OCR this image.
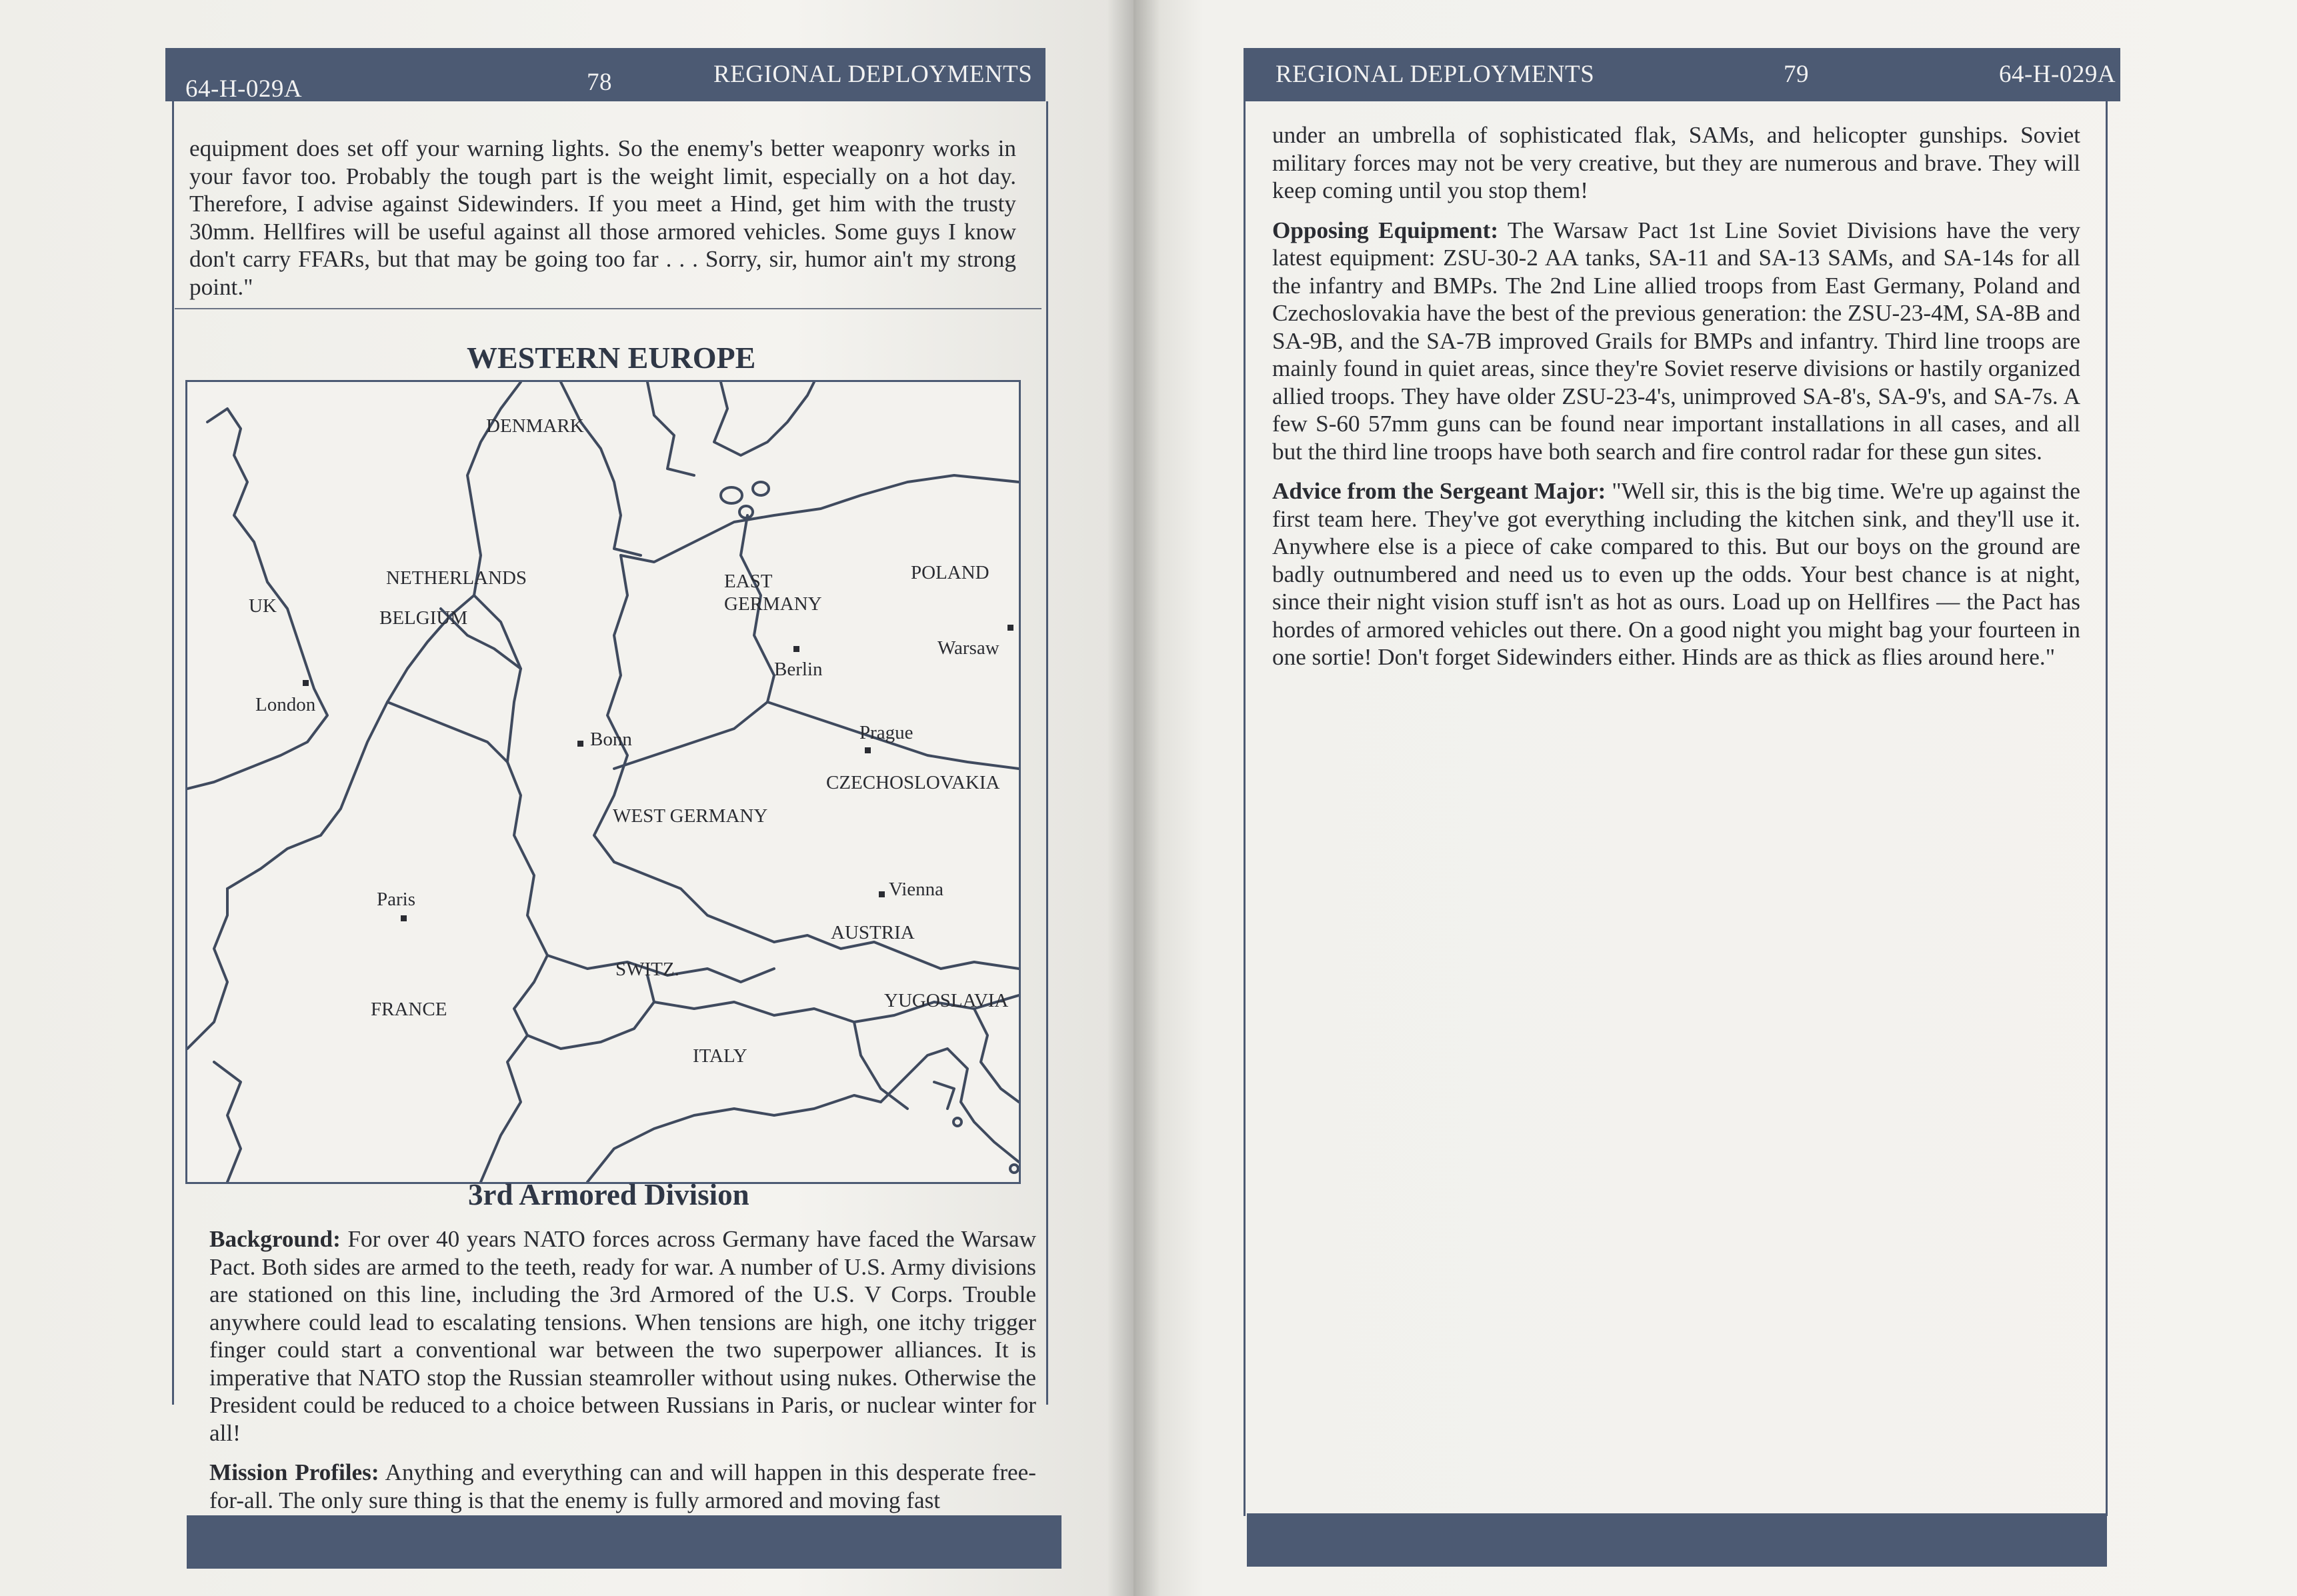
64-H-029A	78	REGIONAL DEPLOYMENTS

equipment does set off your warning lights. So the enemy's better weaponry works in your favor too. Probably the tough part is the weight limit, especially on a hot day. Therefore, I advise against Sidewinders. If you meet a Hind, get him with the trusty 30mm. Hellfires will be useful against all those armored vehicles. Some guys I know don't carry FFARs, but that may be going too far . . . Sorry, sir, humor ain't my strong point."

WESTERN EUROPE
DENMARK
NETHERLANDS
UK
BELGIUM
EAST GERMANY
POLAND
Warsaw
Berlin
London
Bonn	Prague
CZECHOSLOVAKIA
WEST GERMANY
Paris	Vienna
AUSTRIA
SWITZ.
FRANCE	YUGOSLAVIA
ITALY
3rd Armored Division

Background: For over 40 years NATO forces across Germany have faced the Warsaw Pact. Both sides are armed to the teeth, ready for war. A number of U.S. Army divisions are stationed on this line, including the 3rd Armored of the U.S. V Corps. Trouble anywhere could lead to escalating tensions. When tensions are high, one itchy trigger finger could start a conventional war between the two superpower alliances. It is imperative that NATO stop the Russian steamroller without using nukes. Otherwise the President could be reduced to a choice between Russians in Paris, or nuclear winter for all!

Mission Profiles: Anything and everything can and will happen in this desperate free-for-all. The only sure thing is that the enemy is fully armored and moving fast

REGIONAL DEPLOYMENTS	79	64-H-029A

under an umbrella of sophisticated flak, SAMs, and helicopter gunships. Soviet military forces may not be very creative, but they are numerous and brave. They will keep coming until you stop them!

Opposing Equipment: The Warsaw Pact 1st Line Soviet Divisions have the very latest equipment: ZSU-30-2 AA tanks, SA-11 and SA-13 SAMs, and SA-14s for all the infantry and BMPs. The 2nd Line allied troops from East Germany, Poland and Czechoslovakia have the best of the previous generation: the ZSU-23-4M, SA-8B and SA-9B, and the SA-7B improved Grails for BMPs and infantry. Third line troops are mainly found in quiet areas, since they're Soviet reserve divisions or hastily organized allied troops. They have older ZSU-23-4's, unimproved SA-8's, SA-9's, and SA-7s. A few S-60 57mm guns can be found near important installations in all cases, and all but the third line troops have both search and fire control radar for these gun sites.

Advice from the Sergeant Major: "Well sir, this is the big time. We're up against the first team here. They've got everything including the kitchen sink, and they'll use it. Anywhere else is a piece of cake compared to this. But our boys on the ground are badly outnumbered and need us to even up the odds. Your best chance is at night, since their night vision stuff isn't as hot as ours. Load up on Hellfires — the Pact has hordes of armored vehicles out there. On a good night you might bag your fourteen in one sortie! Don't forget Sidewinders either. Hinds are as thick as flies around here."
